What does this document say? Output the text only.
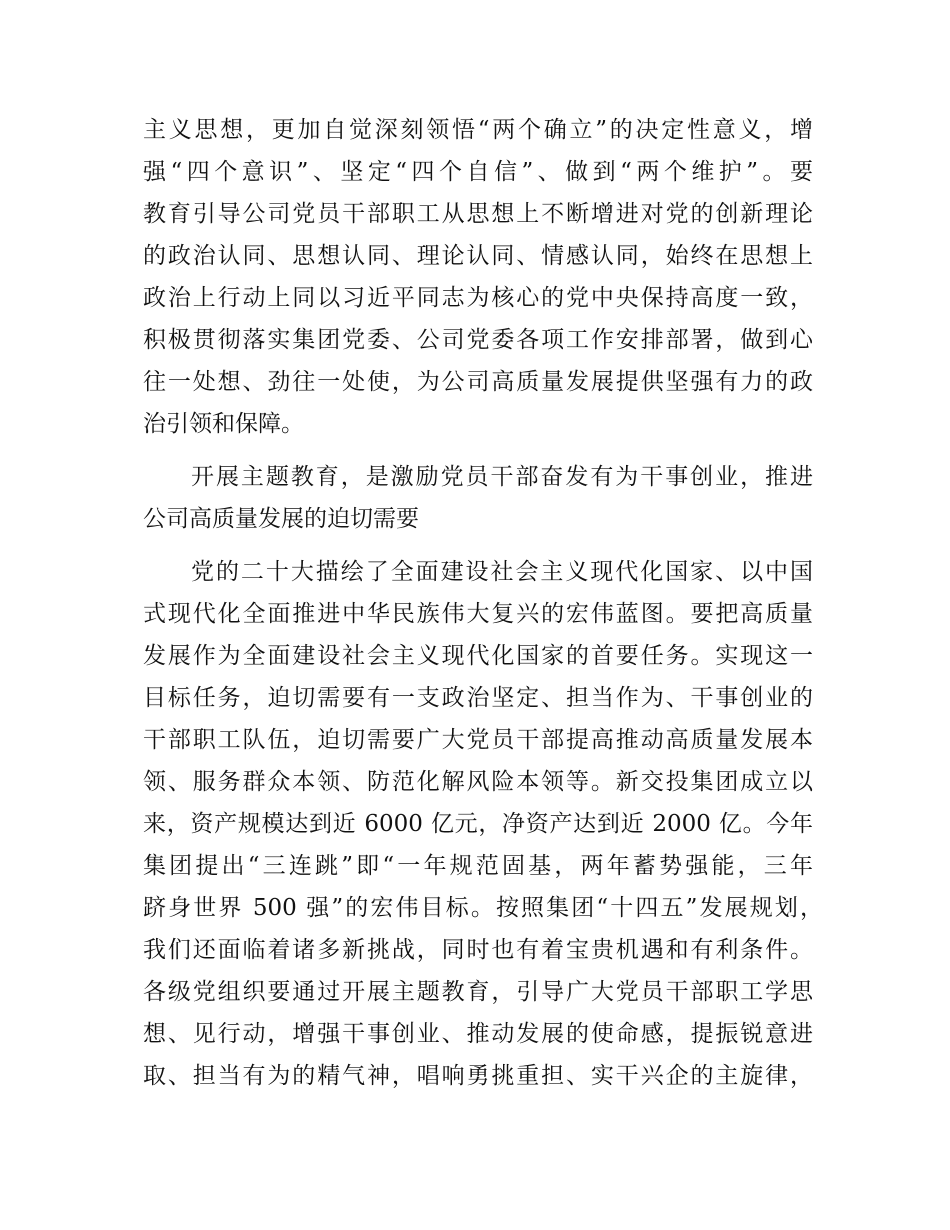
主义思想，更加自觉深刻领悟“两个确立”的决定性意义，增
强“四个意识”、坚定“四个自信”、做到“两个维护”。要
教育引导公司党员干部职工从思想上不断增进对党的创新理论
的政治认同、思想认同、理论认同、情感认同，始终在思想上
政治上行动上同以习近平同志为核心的党中央保持高度一致，
积极贯彻落实集团党委、公司党委各项工作安排部署，做到心
往一处想、劲往一处使，为公司高质量发展提供坚强有力的政
治引领和保障。
开展主题教育，是激励党员干部奋发有为干事创业，推进
公司高质量发展的迫切需要
党的二十大描绘了全面建设社会主义现代化国家、以中国
式现代化全面推进中华民族伟大复兴的宏伟蓝图。要把高质量
发展作为全面建设社会主义现代化国家的首要任务。实现这一
目标任务，迫切需要有一支政治坚定、担当作为、干事创业的
干部职工队伍，迫切需要广大党员干部提高推动高质量发展本
领、服务群众本领、防范化解风险本领等。新交投集团成立以
来，资产规模达到近 6000 亿元，净资产达到近 2000 亿。今年
集团提出“三连跳”即“一年规范固基，两年蓄势强能，三年
跻身世界 500 强”的宏伟目标。按照集团“十四五”发展规划，
我们还面临着诸多新挑战，同时也有着宝贵机遇和有利条件。
各级党组织要通过开展主题教育，引导广大党员干部职工学思
想、见行动，增强干事创业、推动发展的使命感，提振锐意进
取、担当有为的精气神，唱响勇挑重担、实干兴企的主旋律，
